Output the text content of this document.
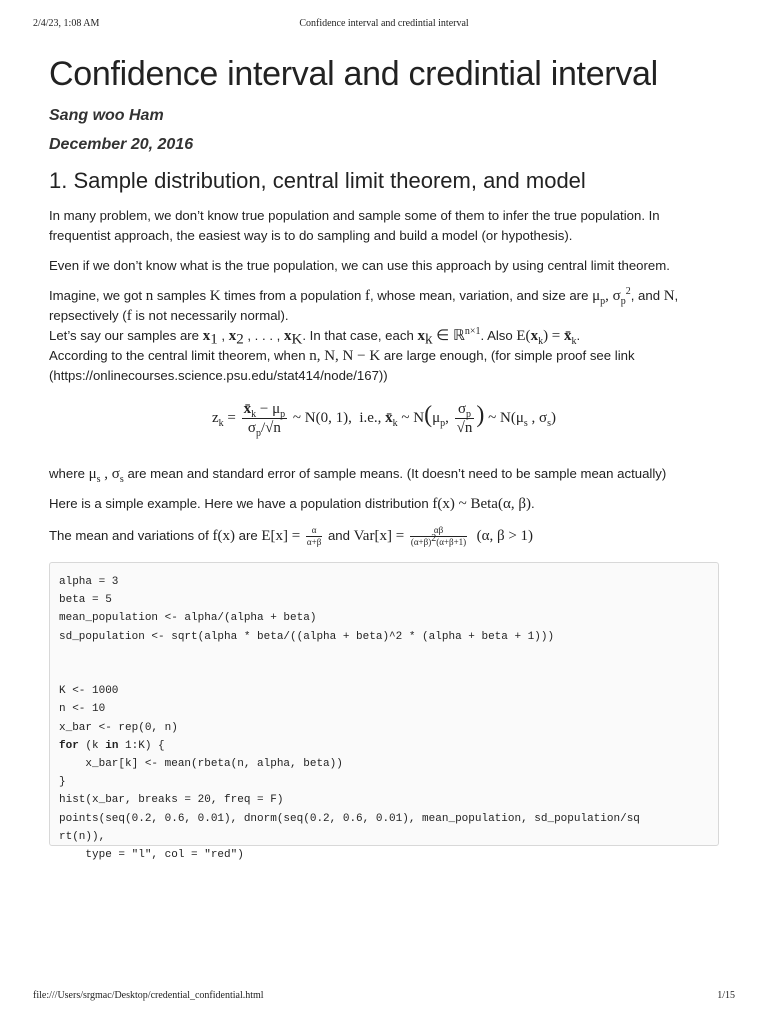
2/4/23, 1:08 AM	Confidence interval and credintial interval
Confidence interval and credintial interval
Sang woo Ham
December 20, 2016
1. Sample distribution, central limit theorem, and model

In many problem, we don’t know true population and sample some of them to infer the true population. In frequentist approach, the easiest way is to do sampling and build a model (or hypothesis).

Even if we don’t know what is the true population, we can use this approach by using central limit theorem.

Imagine, we got n samples K times from a population f, whose mean, variation, and size are $\mu_p$, $\sigma_p^2$, and N, repsectively (f is not necessarily normal).
Let’s say our samples are $x_1$ , $x_2$ , . . . , $x_K$. In that case, each $x_k$ ∈ ℝ$^{n\times 1}$. Also $E(x_k)$ = $x̄_k$.
According to the central limit theorem, when n, N, N − K are large enough, (for simple proof see link (https://onlinecourses.science.psu.edu/stat414/node/167))

$z_k = \frac{x̄_k - \mu_p}{\sigma_p/√n}$ ~ N(0, 1),  i.e., $x̄_k$ ~ $N(\mu_p$, $\frac{\sigma_p}{√n}$ ) ~ $N(\mu_s$ , $\sigma_s$)

where $\mu_s$ , $\sigma_s$ are mean and standard error of sample means. (It doesn’t need to be sample mean actually)

Here is a simple example. Here we have a population distribution f(x) ~ Beta(α, β).

The mean and variations of f(x) are $E[x] = \frac{\alpha}{\alpha+\beta}$ and $Var[x] = \frac{\alpha\beta}{(\alpha+\beta)^2(\alpha+\beta+1)} (\alpha$, β > 1)

alpha = 3
beta = 5
mean_population <- alpha/(alpha + beta)
sd_population <- sqrt(alpha * beta/((alpha + beta)^2 * (alpha + beta + 1)))

K <- 1000
n <- 10
x_bar <- rep(0, n)
for (k in 1:K) {
x_bar[k] <- mean(rbeta(n, alpha, beta))
}
hist(x_bar, breaks = 20, freq = F)
points(seq(0.2, 0.6, 0.01), dnorm(seq(0.2, 0.6, 0.01), mean_population, sd_population/sq
rt(n)),
type = "l", col = "red")
file:///Users/srgmac/Desktop/credential_confidential.html	1/15
